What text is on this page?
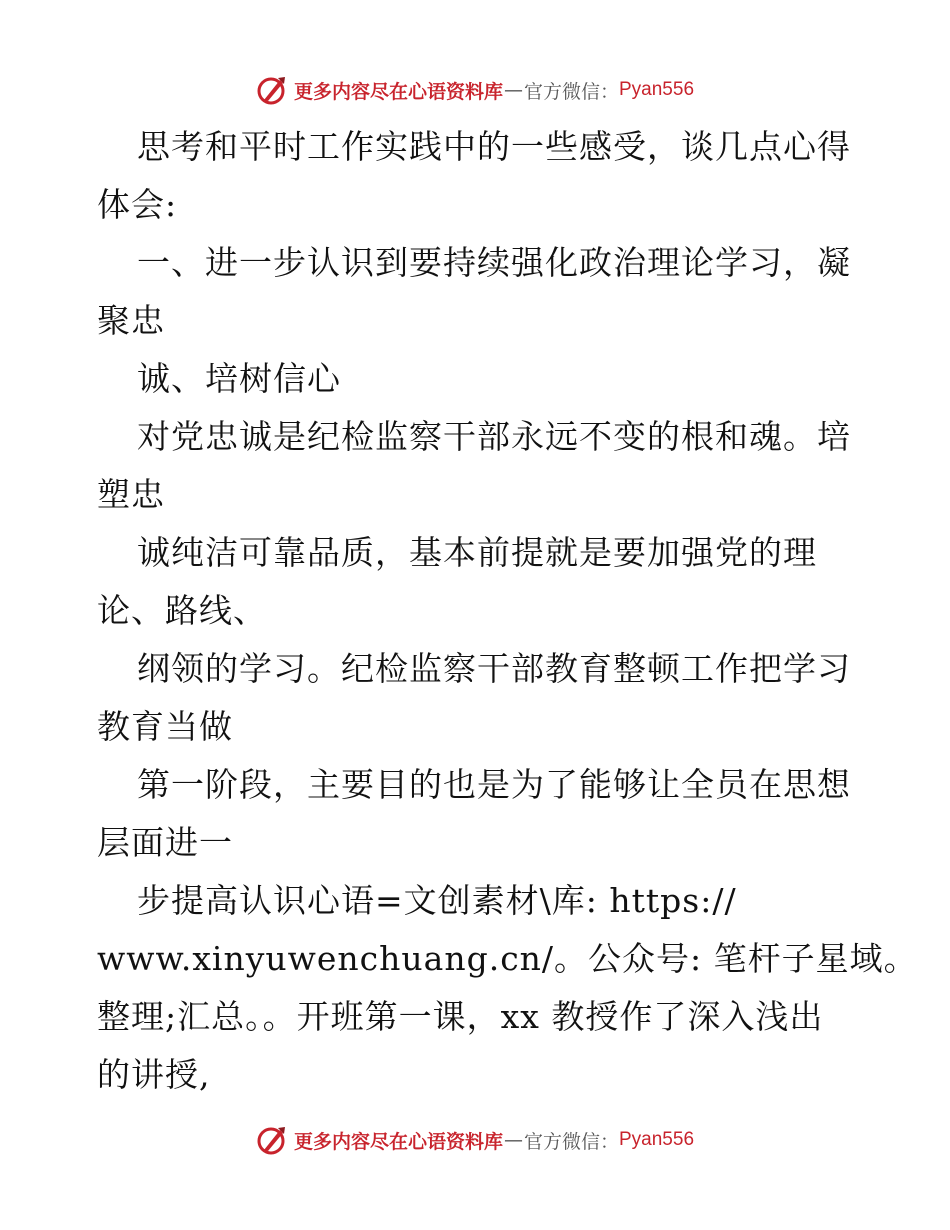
更多内容尽在心语资料库 — 官方微信： Pyan556
思考和平时工作实践中的一些感受，谈几点心得
体会:
一、进一步认识到要持续强化政治理论学习，凝
聚忠
诚、培树信心
对党忠诚是纪检监察干部永远不变的根和魂。培
塑忠
诚纯洁可靠品质，基本前提就是要加强党的理
论、路线、
纲领的学习。纪检监察干部教育整顿工作把学习
教育当做
第一阶段，主要目的也是为了能够让全员在思想
层面进一
步提高认识心语=文创素材\库: https://
www.xinyuwenchuang.cn/。公众号: 笔杆子星域。
整理;汇总。。开班第一课，xx 教授作了深入浅出
的讲授,
更多内容尽在心语资料库 — 官方微信： Pyan556
